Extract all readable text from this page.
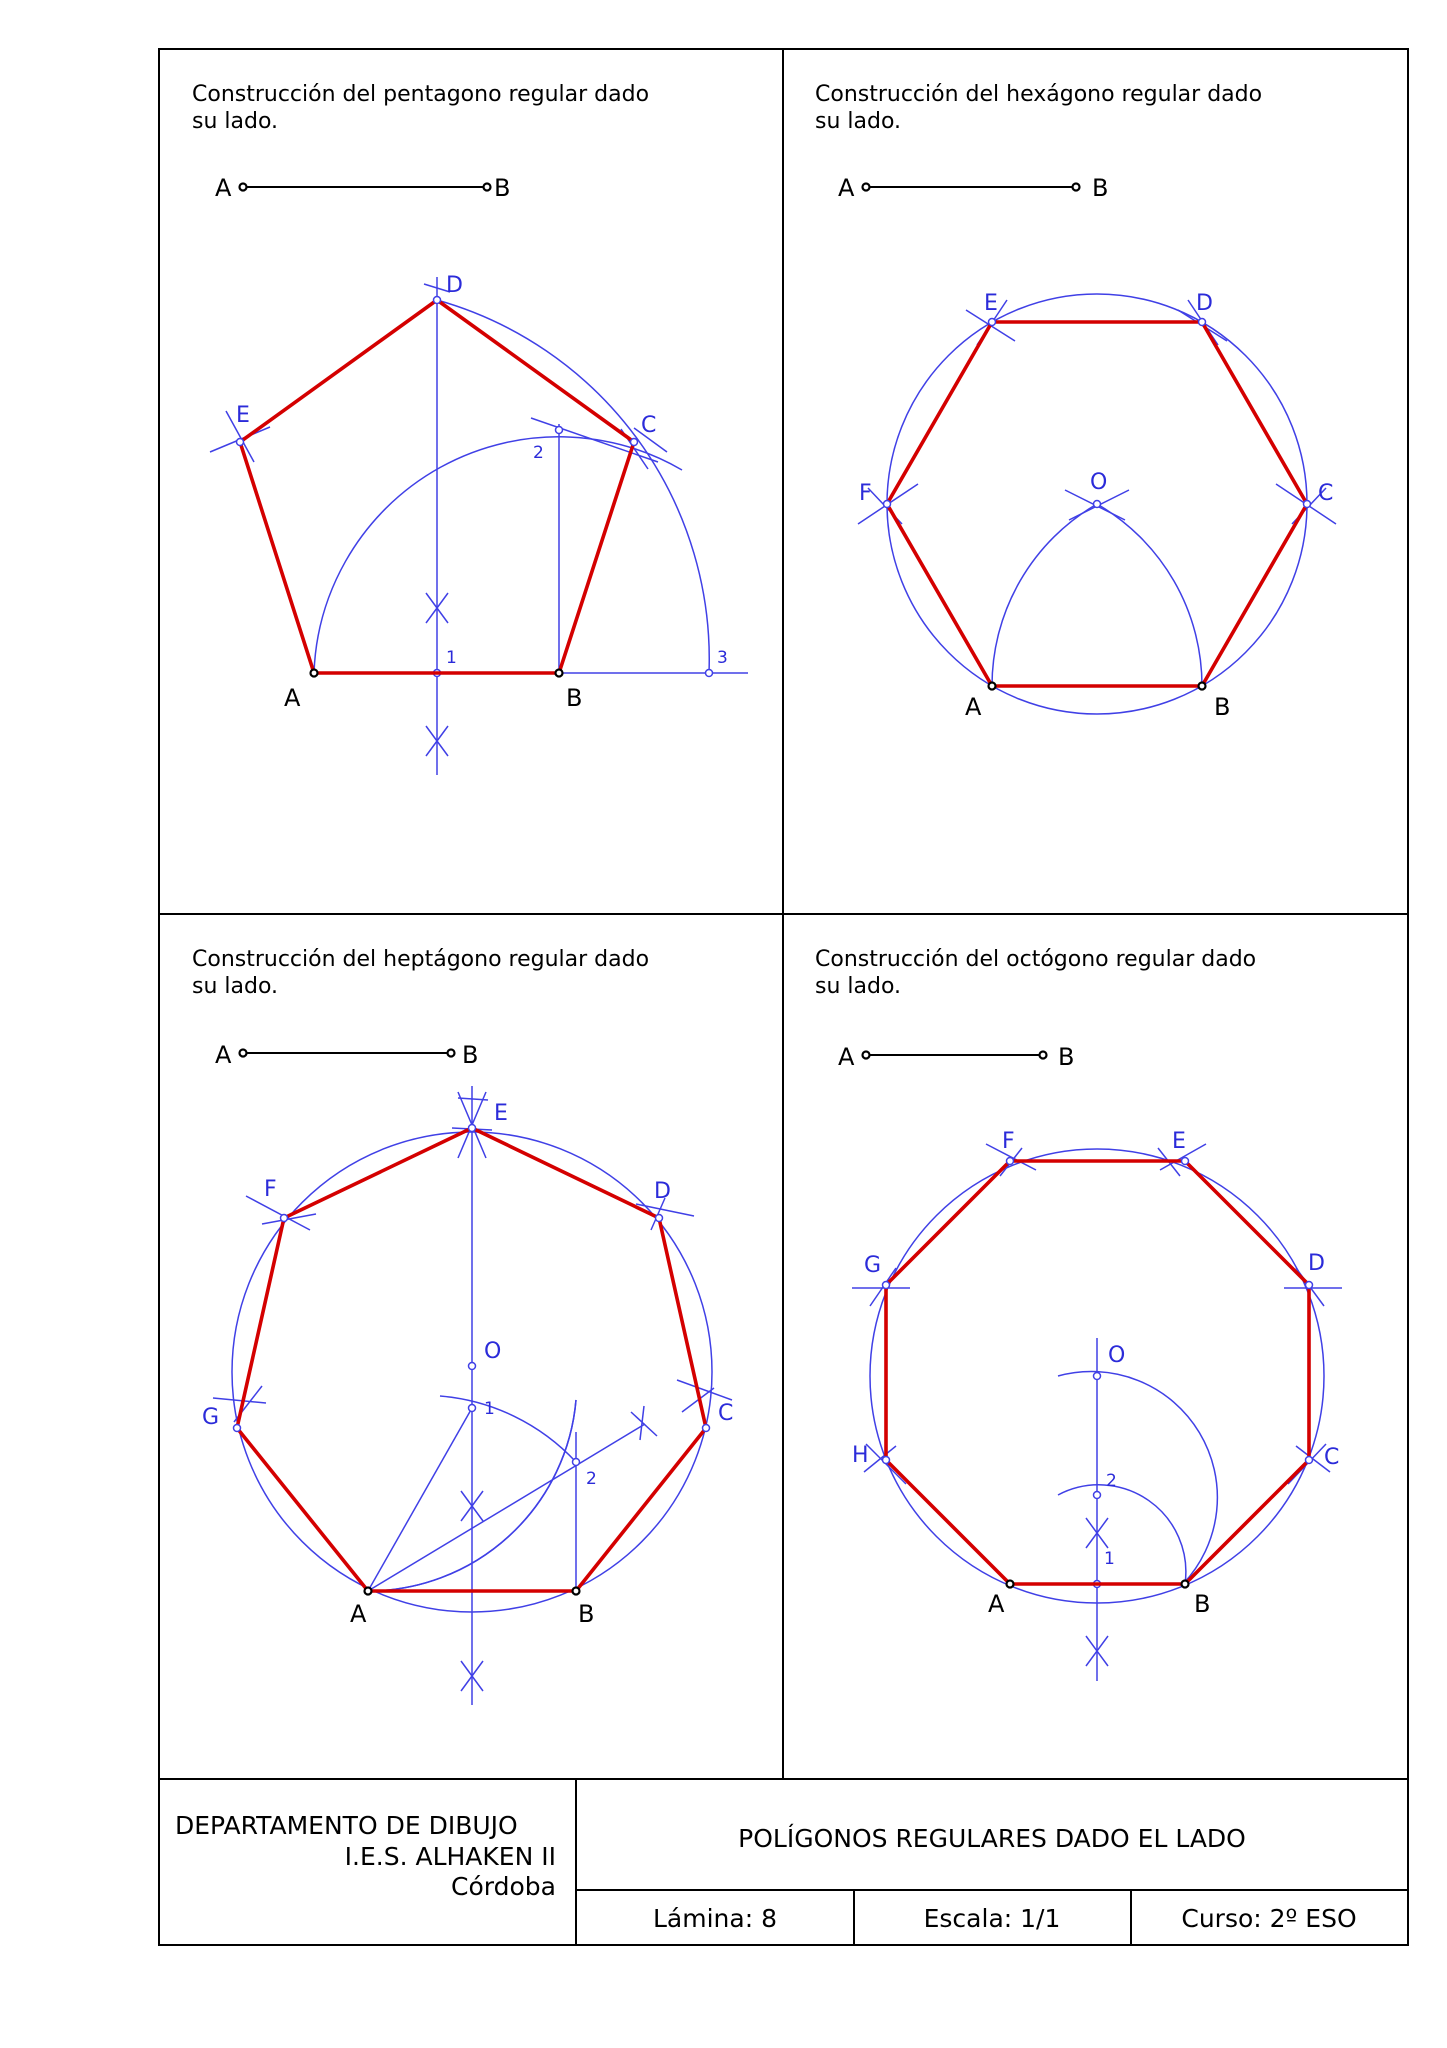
Construcción del pentagono regular dado
su lado.
A	B
A	B
C
D
E
1
2
3
Construcción del hexágono regular dado
su lado.
A	B
A	B
C
D
E
F	O
Construcción del heptágono regular dado
su lado.
A	B
A	B
C
D
E
F
G
O
1
2
Construcción del octógono regular dado
su lado.
A	B
A	B
C
D
E
F
G
H
O
1
2
DEPARTAMENTO DE DIBUJO
I.E.S. ALHAKEN II
Córdoba
POLÍGONOS REGULARES DADO EL LADO
Lámina: 8	Escala: 1/1	Curso: 2º ESO
